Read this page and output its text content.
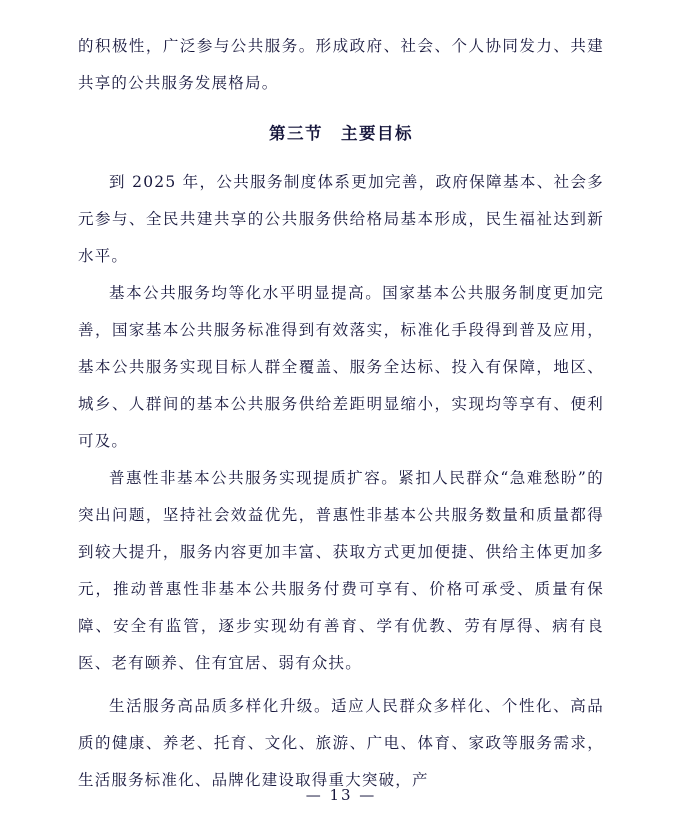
的积极性，广泛参与公共服务。形成政府、社会、个人协同发力、共建共享的公共服务发展格局。

第三节 主要目标

到 2025 年，公共服务制度体系更加完善，政府保障基本、社会多元参与、全民共建共享的公共服务供给格局基本形成，民生福祉达到新水平。

基本公共服务均等化水平明显提高。国家基本公共服务制度更加完善，国家基本公共服务标准得到有效落实，标准化手段得到普及应用，基本公共服务实现目标人群全覆盖、服务全达标、投入有保障，地区、城乡、人群间的基本公共服务供给差距明显缩小，实现均等享有、便利可及。

普惠性非基本公共服务实现提质扩容。紧扣人民群众“急难愁盼”的突出问题，坚持社会效益优先，普惠性非基本公共服务数量和质量都得到较大提升，服务内容更加丰富、获取方式更加便捷、供给主体更加多元，推动普惠性非基本公共服务付费可享有、价格可承受、质量有保障、安全有监管，逐步实现幼有善育、学有优教、劳有厚得、病有良医、老有颐养、住有宜居、弱有众扶。

生活服务高品质多样化升级。适应人民群众多样化、个性化、高品质的健康、养老、托育、文化、旅游、广电、体育、家政等服务需求，生活服务标准化、品牌化建设取得重大突破，产

— 13 —
